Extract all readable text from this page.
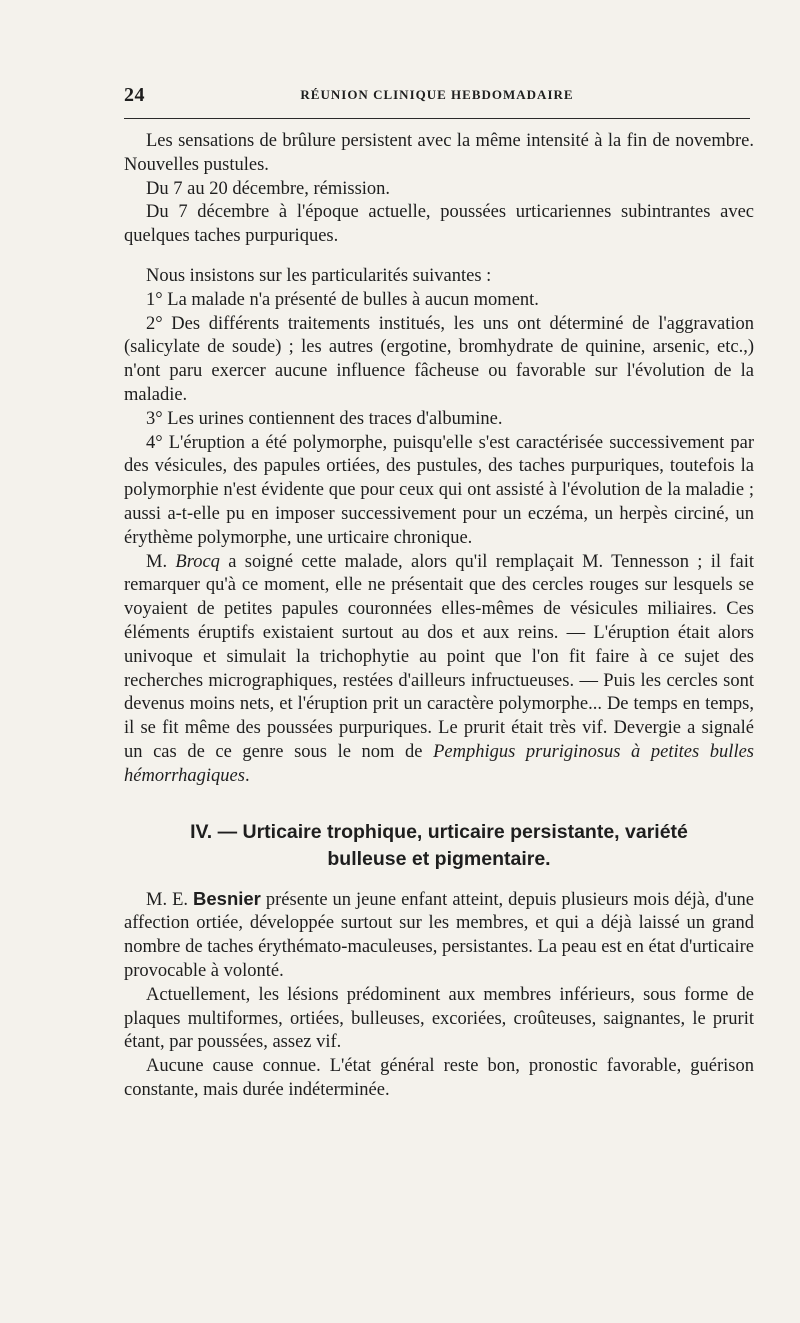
24	RÉUNION CLINIQUE HEBDOMADAIRE

Les sensations de brûlure persistent avec la même intensité à la fin de novembre. Nouvelles pustules.

Du 7 au 20 décembre, rémission.

Du 7 décembre à l'époque actuelle, poussées urticariennes subintrantes avec quelques taches purpuriques.

Nous insistons sur les particularités suivantes :

1° La malade n'a présenté de bulles à aucun moment.

2° Des différents traitements institués, les uns ont déterminé de l'aggravation (salicylate de soude) ; les autres (ergotine, bromhydrate de quinine, arsenic, etc.,) n'ont paru exercer aucune influence fâcheuse ou favorable sur l'évolution de la maladie.

3° Les urines contiennent des traces d'albumine.

4° L'éruption a été polymorphe, puisqu'elle s'est caractérisée successivement par des vésicules, des papules ortiées, des pustules, des taches purpuriques, toutefois la polymorphie n'est évidente que pour ceux qui ont assisté à l'évolution de la maladie ; aussi a-t-elle pu en imposer successivement pour un eczéma, un herpès circiné, un érythème polymorphe, une urticaire chronique.

M. Brocq a soigné cette malade, alors qu'il remplaçait M. Tennesson ; il fait remarquer qu'à ce moment, elle ne présentait que des cercles rouges sur lesquels se voyaient de petites papules couronnées elles-mêmes de vésicules miliaires. Ces éléments éruptifs existaient surtout au dos et aux reins. — L'éruption était alors univoque et simulait la trichophytie au point que l'on fit faire à ce sujet des recherches micrographiques, restées d'ailleurs infructueuses. — Puis les cercles sont devenus moins nets, et l'éruption prit un caractère polymorphe... De temps en temps, il se fit même des poussées purpuriques. Le prurit était très vif. Devergie a signalé un cas de ce genre sous le nom de Pemphigus pruriginosus à petites bulles hémorrhagiques.

IV. — Urticaire trophique, urticaire persistante, variété
bulleuse et pigmentaire.

M. E. Besnier présente un jeune enfant atteint, depuis plusieurs mois déjà, d'une affection ortiée, développée surtout sur les membres, et qui a déjà laissé un grand nombre de taches érythémato-maculeuses, persistantes. La peau est en état d'urticaire provocable à volonté.

Actuellement, les lésions prédominent aux membres inférieurs, sous forme de plaques multiformes, ortiées, bulleuses, excoriées, croûteuses, saignantes, le prurit étant, par poussées, assez vif.

Aucune cause connue. L'état général reste bon, pronostic favorable, guérison constante, mais durée indéterminée.
